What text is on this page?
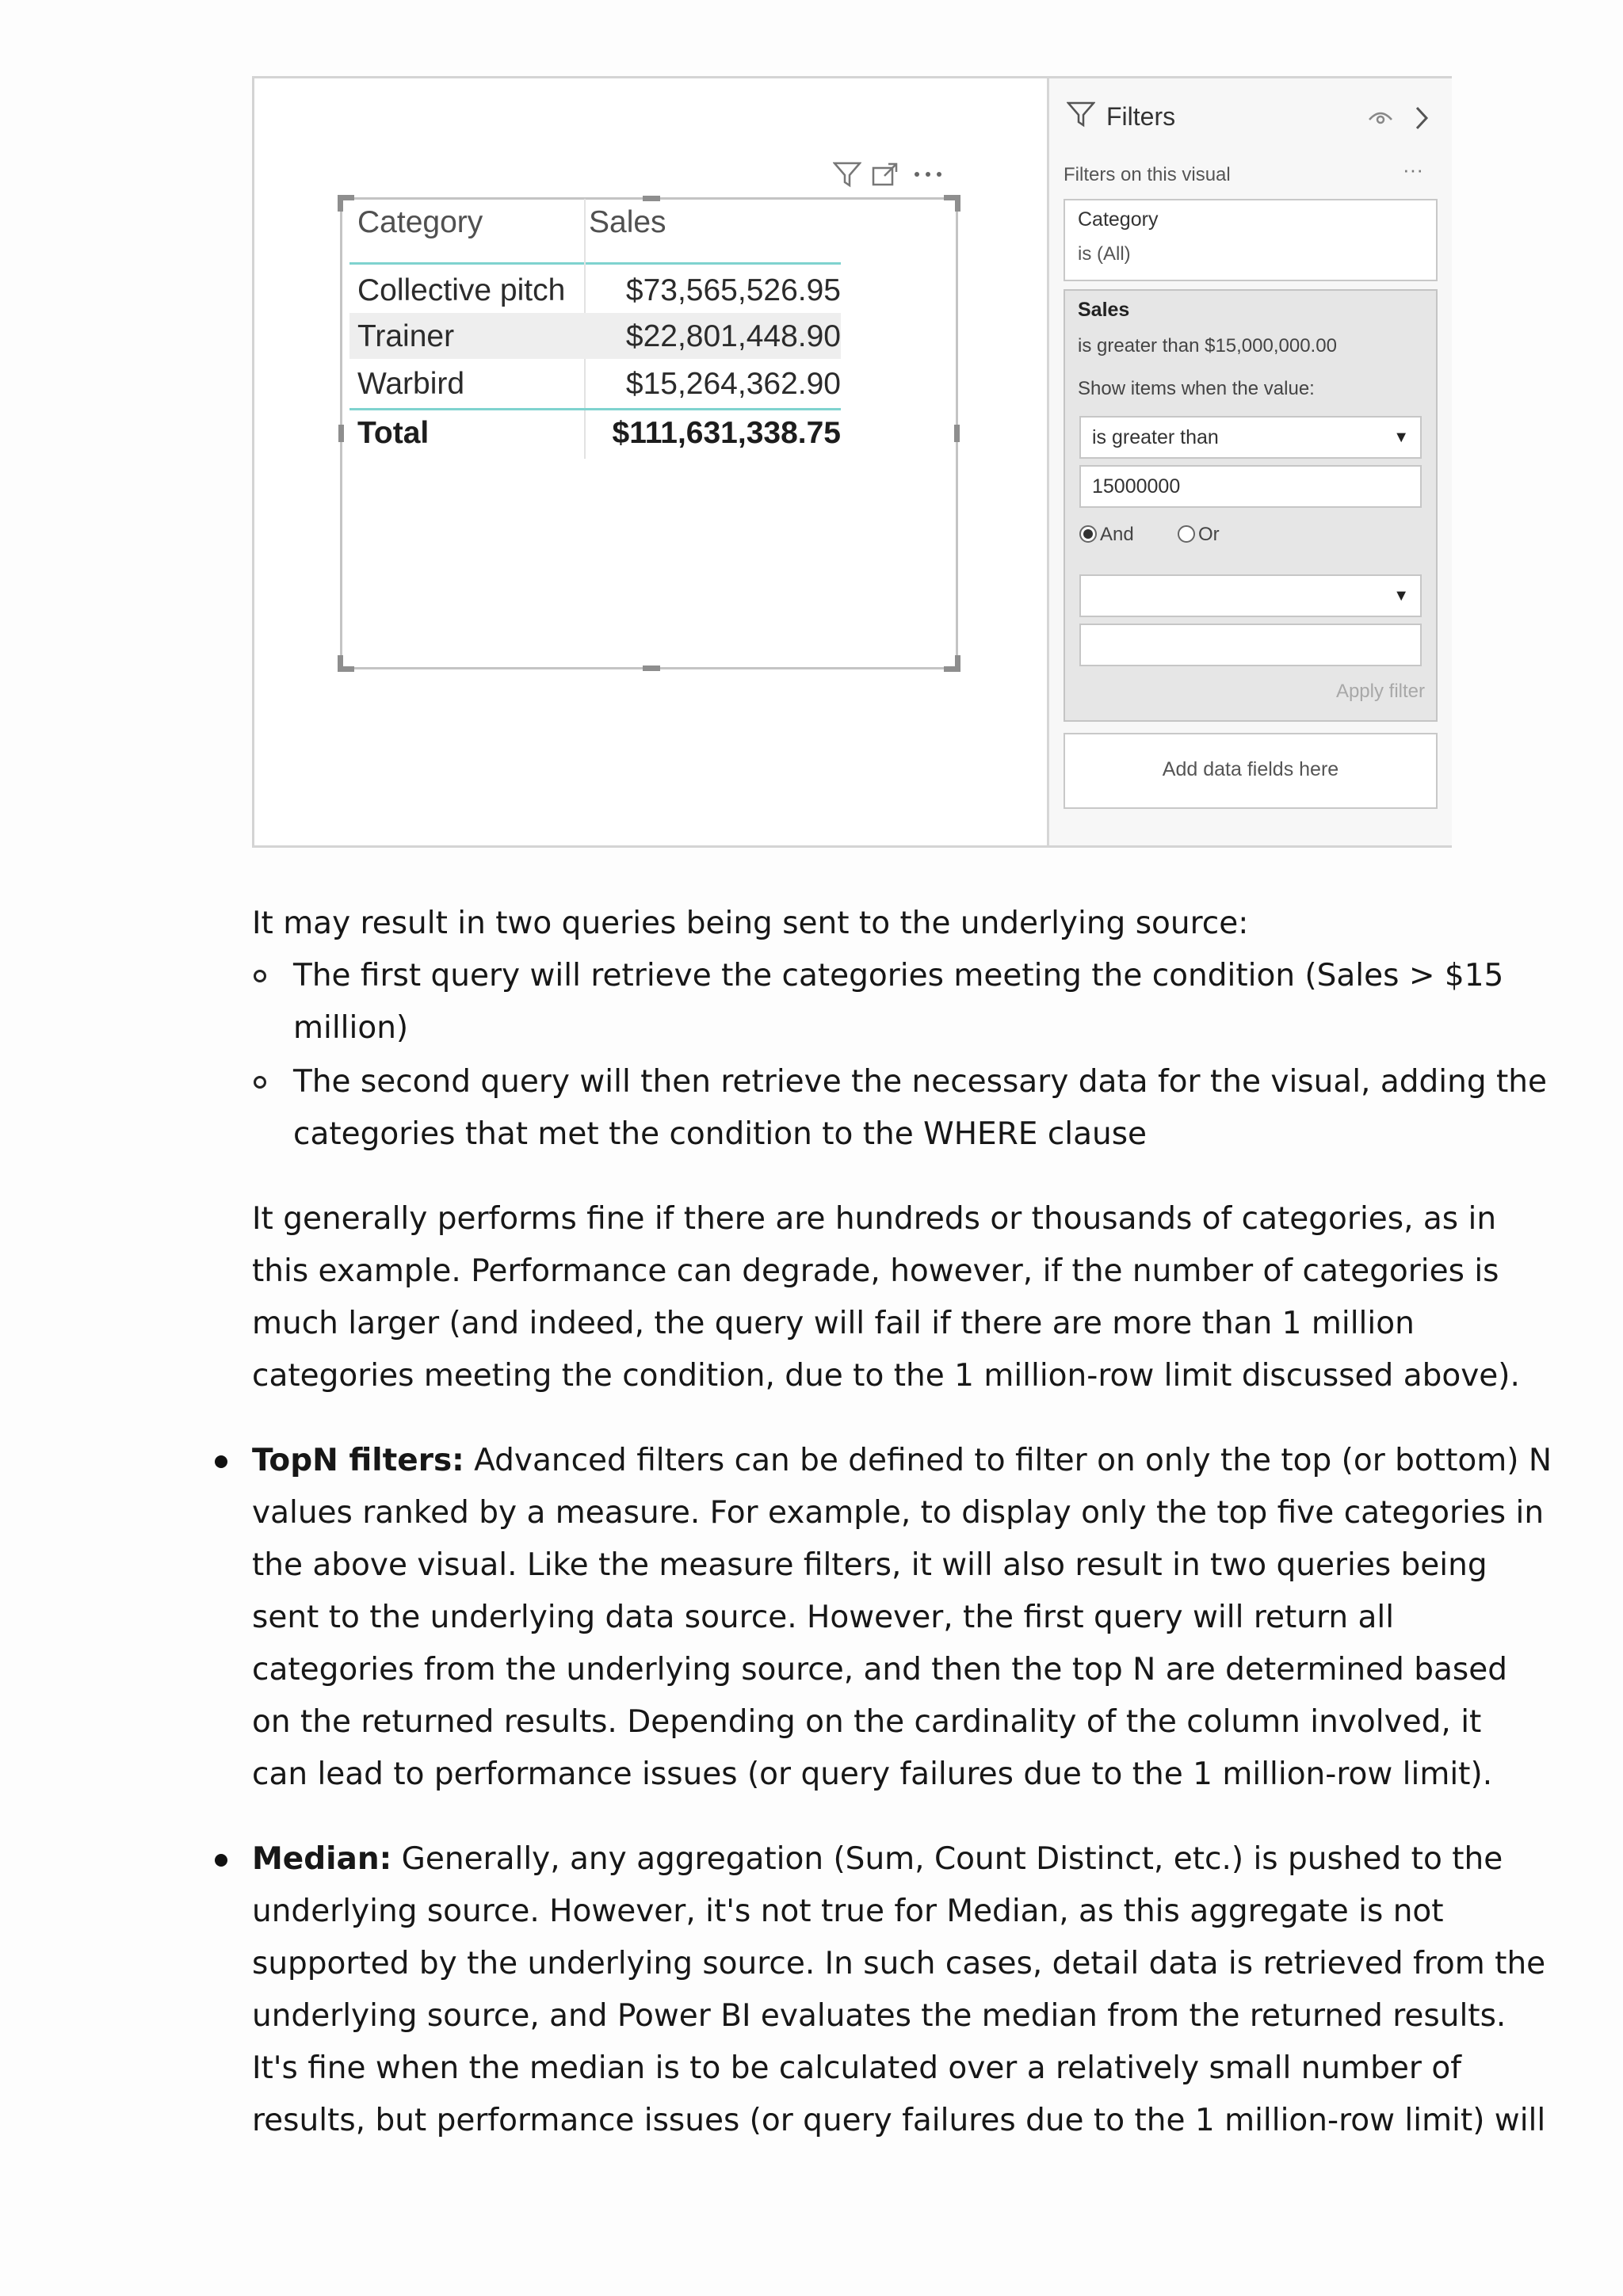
Category	Sales
Collective pitch	$73,565,526.95
Trainer	$22,801,448.90
Warbird	$15,264,362.90
Total	$111,631,338.75
Filters
Filters on this visual	···
Category
is (All)
Sales
is greater than $15,000,000.00
Show items when the value:
is greater than	▼
15000000
And	Or
▼
Apply filter
Add data fields here
It may result in two queries being sent to the underlying source:
The first query will retrieve the categories meeting the condition (Sales > $15
million)
The second query will then retrieve the necessary data for the visual, adding the
categories that met the condition to the WHERE clause
It generally performs fine if there are hundreds or thousands of categories, as in
this example. Performance can degrade, however, if the number of categories is
much larger (and indeed, the query will fail if there are more than 1 million
categories meeting the condition, due to the 1 million-row limit discussed above).
TopN filters: Advanced filters can be defined to filter on only the top (or bottom) N
values ranked by a measure. For example, to display only the top five categories in
the above visual. Like the measure filters, it will also result in two queries being
sent to the underlying data source. However, the first query will return all
categories from the underlying source, and then the top N are determined based
on the returned results. Depending on the cardinality of the column involved, it
can lead to performance issues (or query failures due to the 1 million-row limit).
Median: Generally, any aggregation (Sum, Count Distinct, etc.) is pushed to the
underlying source. However, it's not true for Median, as this aggregate is not
supported by the underlying source. In such cases, detail data is retrieved from the
underlying source, and Power BI evaluates the median from the returned results.
It's fine when the median is to be calculated over a relatively small number of
results, but performance issues (or query failures due to the 1 million-row limit) will
